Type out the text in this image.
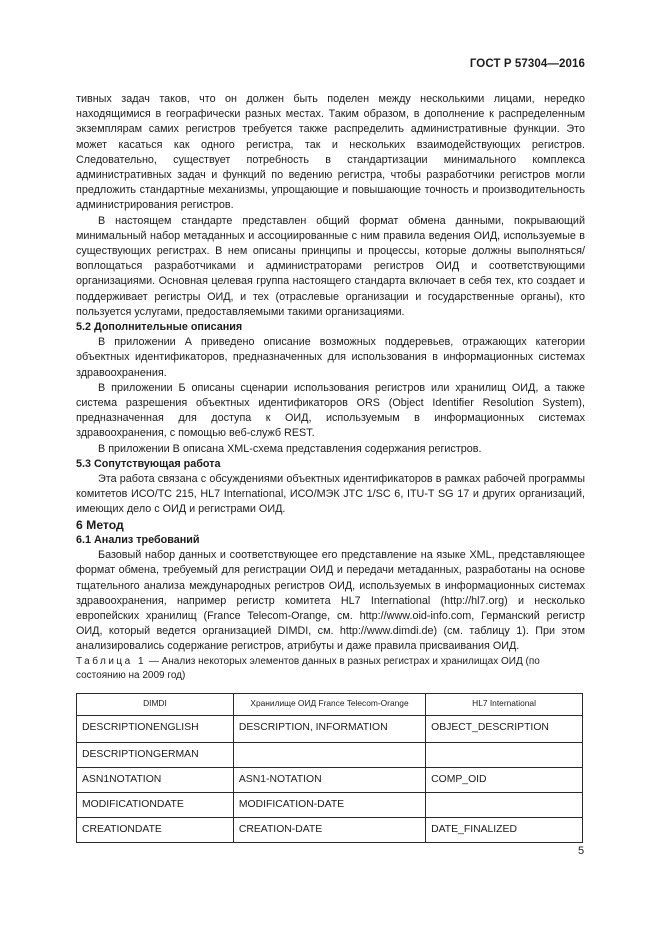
ГОСТ Р 57304—2016

тивных задач таков, что он должен быть поделен между несколькими лицами, нередко находящимися в географически разных местах. Таким образом, в дополнение к распределенным экземплярам самих регистров требуется также распределить административные функции. Это может касаться как одного регистра, так и нескольких взаимодействующих регистров. Следовательно, существует потребность в стандартизации минимального комплекса административных задач и функций по ведению регистра, чтобы разработчики регистров могли предложить стандартные механизмы, упрощающие и повышающие точность и производительность администрирования регистров.

В настоящем стандарте представлен общий формат обмена данными, покрывающий минимальный набор метаданных и ассоциированные с ним правила ведения ОИД, используемые в существующих регистрах. В нем описаны принципы и процессы, которые должны выполняться/воплощаться разработчиками и администраторами регистров ОИД и соответствующими организациями. Основная целевая группа настоящего стандарта включает в себя тех, кто создает и поддерживает регистры ОИД, и тех (отраслевые организации и государственные органы), кто пользуется услугами, предоставляемыми такими организациями.

5.2 Дополнительные описания

В приложении А приведено описание возможных поддеревьев, отражающих категории объектных идентификаторов, предназначенных для использования в информационных системах здравоохранения.

В приложении Б описаны сценарии использования регистров или хранилищ ОИД, а также система разрешения объектных идентификаторов ORS (Object Identifier Resolution System), предназначенная для доступа к ОИД, используемым в информационных системах здравоохранения, с помощью веб-служб REST.

В приложении В описана XML-схема представления содержания регистров.

5.3 Сопутствующая работа

Эта работа связана с обсуждениями объектных идентификаторов в рамках рабочей программы комитетов ИСО/ТС 215, HL7 International, ИСО/МЭК JTC 1/SC 6, ITU-T SG 17 и других организаций, имеющих дело с ОИД и регистрами ОИД.

6 Метод

6.1 Анализ требований

Базовый набор данных и соответствующее его представление на языке XML, представляющее формат обмена, требуемый для регистрации ОИД и передачи метаданных, разработаны на основе тщательного анализа международных регистров ОИД, используемых в информационных системах здравоохранения, например регистр комитета HL7 International (http://hl7.org) и несколько европейских хранилищ (France Telecom-Orange, см. http://www.oid-info.com, Германский регистр ОИД, который ведется организацией DIMDI, см. http://www.dimdi.de) (см. таблицу 1). При этом анализировались содержание регистров, атрибуты и даже правила присваивания ОИД.

Таблица 1 — Анализ некоторых элементов данных в разных регистрах и хранилищах ОИД (по состоянию на 2009 год)

DIMDI	Хранилище ОИД France Telecom-Orange	HL7 International
DESCRIPTIONENGLISH	DESCRIPTION, INFORMATION	OBJECT_DESCRIPTION
DESCRIPTIONGERMAN		
ASN1NOTATION	ASN1-NOTATION	COMP_OID
MODIFICATIONDATE	MODIFICATION-DATE	
CREATIONDATE	CREATION-DATE	DATE_FINALIZED
5
